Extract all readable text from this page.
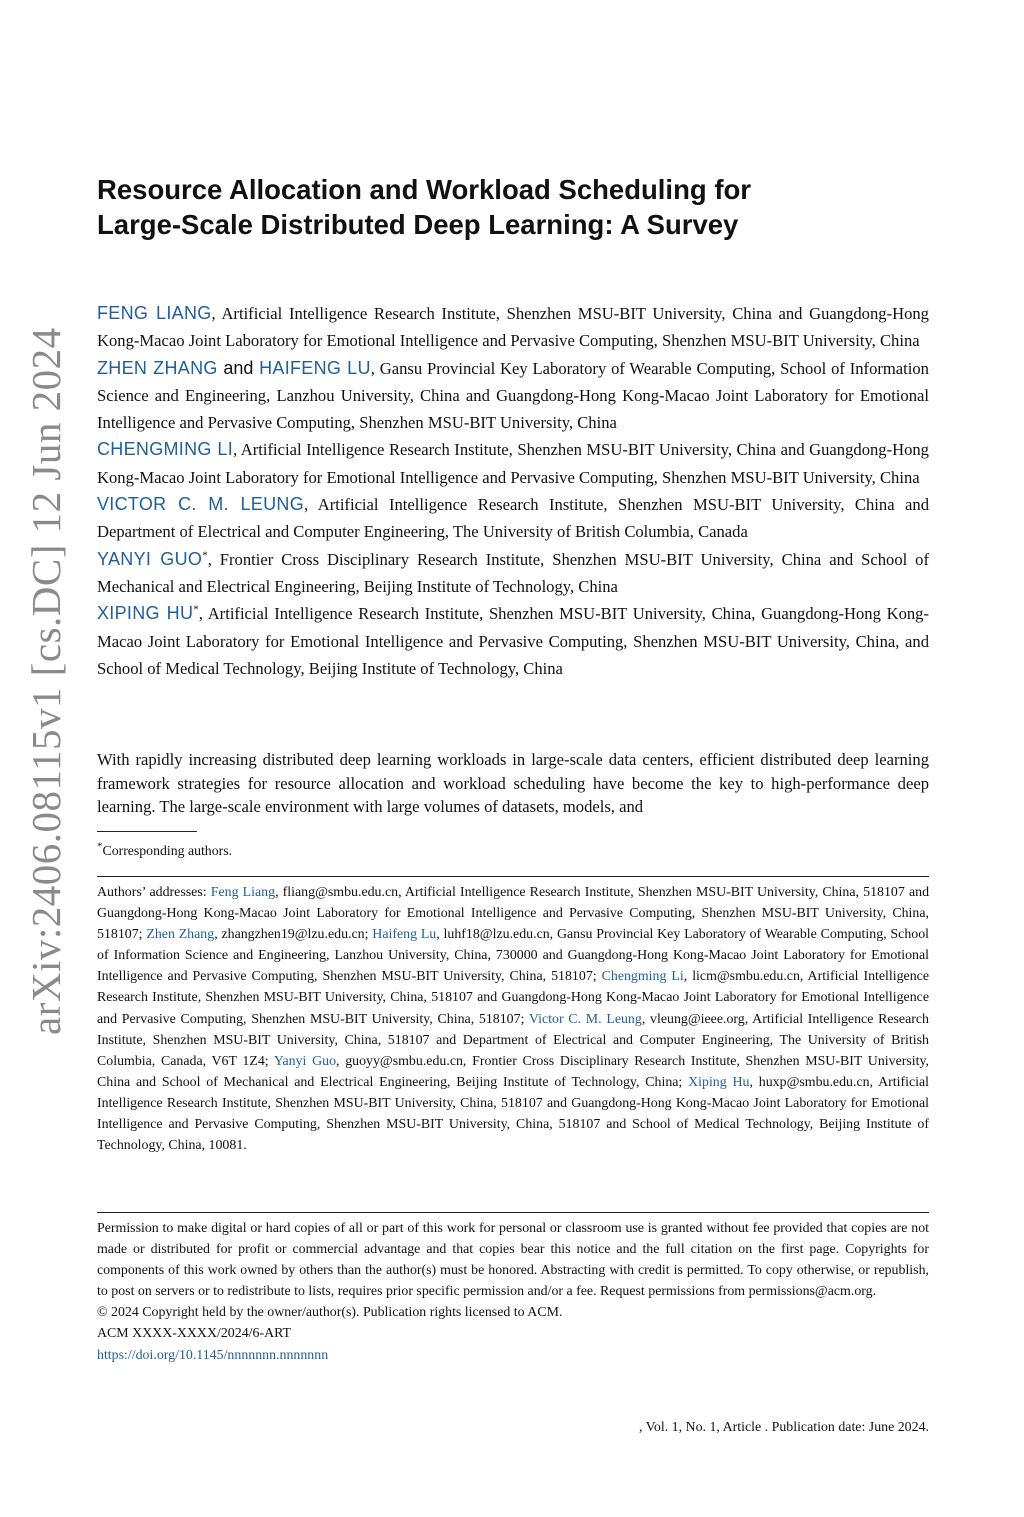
arXiv:2406.08115v1 [cs.DC] 12 Jun 2024
Resource Allocation and Workload Scheduling for
Large-Scale Distributed Deep Learning: A Survey

FENG LIANG, Artificial Intelligence Research Institute, Shenzhen MSU-BIT University, China and Guangdong-Hong Kong-Macao Joint Laboratory for Emotional Intelligence and Pervasive Computing, Shenzhen MSU-BIT University, China

ZHEN ZHANG and HAIFENG LU, Gansu Provincial Key Laboratory of Wearable Computing, School of Information Science and Engineering, Lanzhou University, China and Guangdong-Hong Kong-Macao Joint Laboratory for Emotional Intelligence and Pervasive Computing, Shenzhen MSU-BIT University, China

CHENGMING LI, Artificial Intelligence Research Institute, Shenzhen MSU-BIT University, China and Guangdong-Hong Kong-Macao Joint Laboratory for Emotional Intelligence and Pervasive Computing, Shenzhen MSU-BIT University, China

VICTOR C. M. LEUNG, Artificial Intelligence Research Institute, Shenzhen MSU-BIT University, China and Department of Electrical and Computer Engineering, The University of British Columbia, Canada

YANYI GUO*, Frontier Cross Disciplinary Research Institute, Shenzhen MSU-BIT University, China and School of Mechanical and Electrical Engineering, Beijing Institute of Technology, China

XIPING HU*, Artificial Intelligence Research Institute, Shenzhen MSU-BIT University, China, Guangdong-Hong Kong-Macao Joint Laboratory for Emotional Intelligence and Pervasive Computing, Shenzhen MSU-BIT University, China, and School of Medical Technology, Beijing Institute of Technology, China

With rapidly increasing distributed deep learning workloads in large-scale data centers, efficient distributed deep learning framework strategies for resource allocation and workload scheduling have become the key to high-performance deep learning. The large-scale environment with large volumes of datasets, models, and

*Corresponding authors.

Authors’ addresses: Feng Liang, fliang@smbu.edu.cn, Artificial Intelligence Research Institute, Shenzhen MSU-BIT University, China, 518107 and Guangdong-Hong Kong-Macao Joint Laboratory for Emotional Intelligence and Pervasive Computing, Shenzhen MSU-BIT University, China, 518107; Zhen Zhang, zhangzhen19@lzu.edu.cn; Haifeng Lu, luhf18@lzu.edu.cn, Gansu Provincial Key Laboratory of Wearable Computing, School of Information Science and Engineering, Lanzhou University, China, 730000 and Guangdong-Hong Kong-Macao Joint Laboratory for Emotional Intelligence and Pervasive Computing, Shenzhen MSU-BIT University, China, 518107; Chengming Li, licm@smbu.edu.cn, Artificial Intelligence Research Institute, Shenzhen MSU-BIT University, China, 518107 and Guangdong-Hong Kong-Macao Joint Laboratory for Emotional Intelligence and Pervasive Computing, Shenzhen MSU-BIT University, China, 518107; Victor C. M. Leung, vleung@ieee.org, Artificial Intelligence Research Institute, Shenzhen MSU-BIT University, China, 518107 and Department of Electrical and Computer Engineering, The University of British Columbia, Canada, V6T 1Z4; Yanyi Guo, guoyy@smbu.edu.cn, Frontier Cross Disciplinary Research Institute, Shenzhen MSU-BIT University, China and School of Mechanical and Electrical Engineering, Beijing Institute of Technology, China; Xiping Hu, huxp@smbu.edu.cn, Artificial Intelligence Research Institute, Shenzhen MSU-BIT University, China, 518107 and Guangdong-Hong Kong-Macao Joint Laboratory for Emotional Intelligence and Pervasive Computing, Shenzhen MSU-BIT University, China, 518107 and School of Medical Technology, Beijing Institute of Technology, China, 10081.

Permission to make digital or hard copies of all or part of this work for personal or classroom use is granted without fee provided that copies are not made or distributed for profit or commercial advantage and that copies bear this notice and the full citation on the first page. Copyrights for components of this work owned by others than the author(s) must be honored. Abstracting with credit is permitted. To copy otherwise, or republish, to post on servers or to redistribute to lists, requires prior specific permission and/or a fee. Request permissions from permissions@acm.org.

© 2024 Copyright held by the owner/author(s). Publication rights licensed to ACM.
ACM XXXX-XXXX/2024/6-ART
https://doi.org/10.1145/nnnnnnn.nnnnnnn

, Vol. 1, No. 1, Article . Publication date: June 2024.
